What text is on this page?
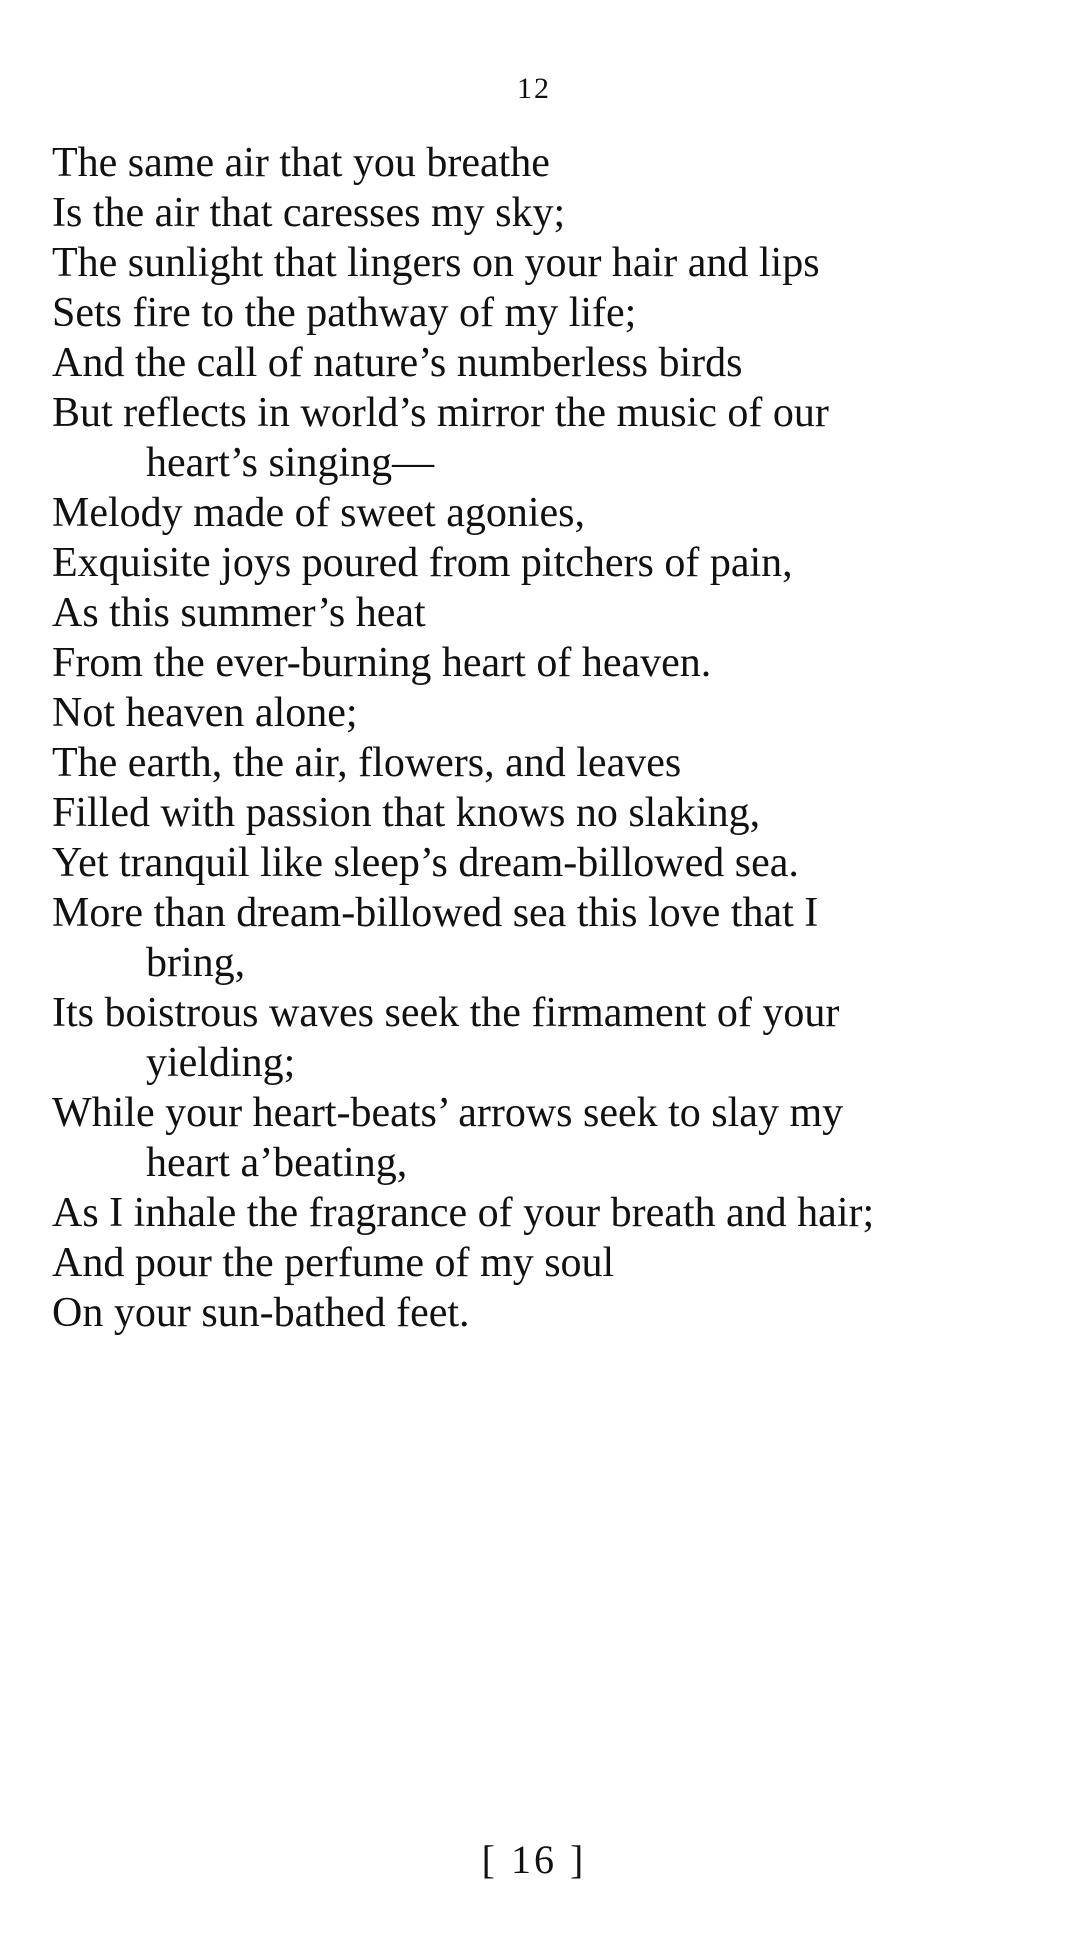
12
The same air that you breathe
Is the air that caresses my sky;
The sunlight that lingers on your hair and lips
Sets fire to the pathway of my life;
And the call of nature’s numberless birds
But reflects in world’s mirror the music of our
heart’s singing—
Melody made of sweet agonies,
Exquisite joys poured from pitchers of pain,
As this summer’s heat
From the ever-burning heart of heaven.
Not heaven alone;
The earth, the air, flowers, and leaves
Filled with passion that knows no slaking,
Yet tranquil like sleep’s dream-billowed sea.
More than dream-billowed sea this love that I
bring,
Its boistrous waves seek the firmament of your
yielding;
While your heart-beats’ arrows seek to slay my
heart a’beating,
As I inhale the fragrance of your breath and hair;
And pour the perfume of my soul
On your sun-bathed feet.
[ 16 ]
